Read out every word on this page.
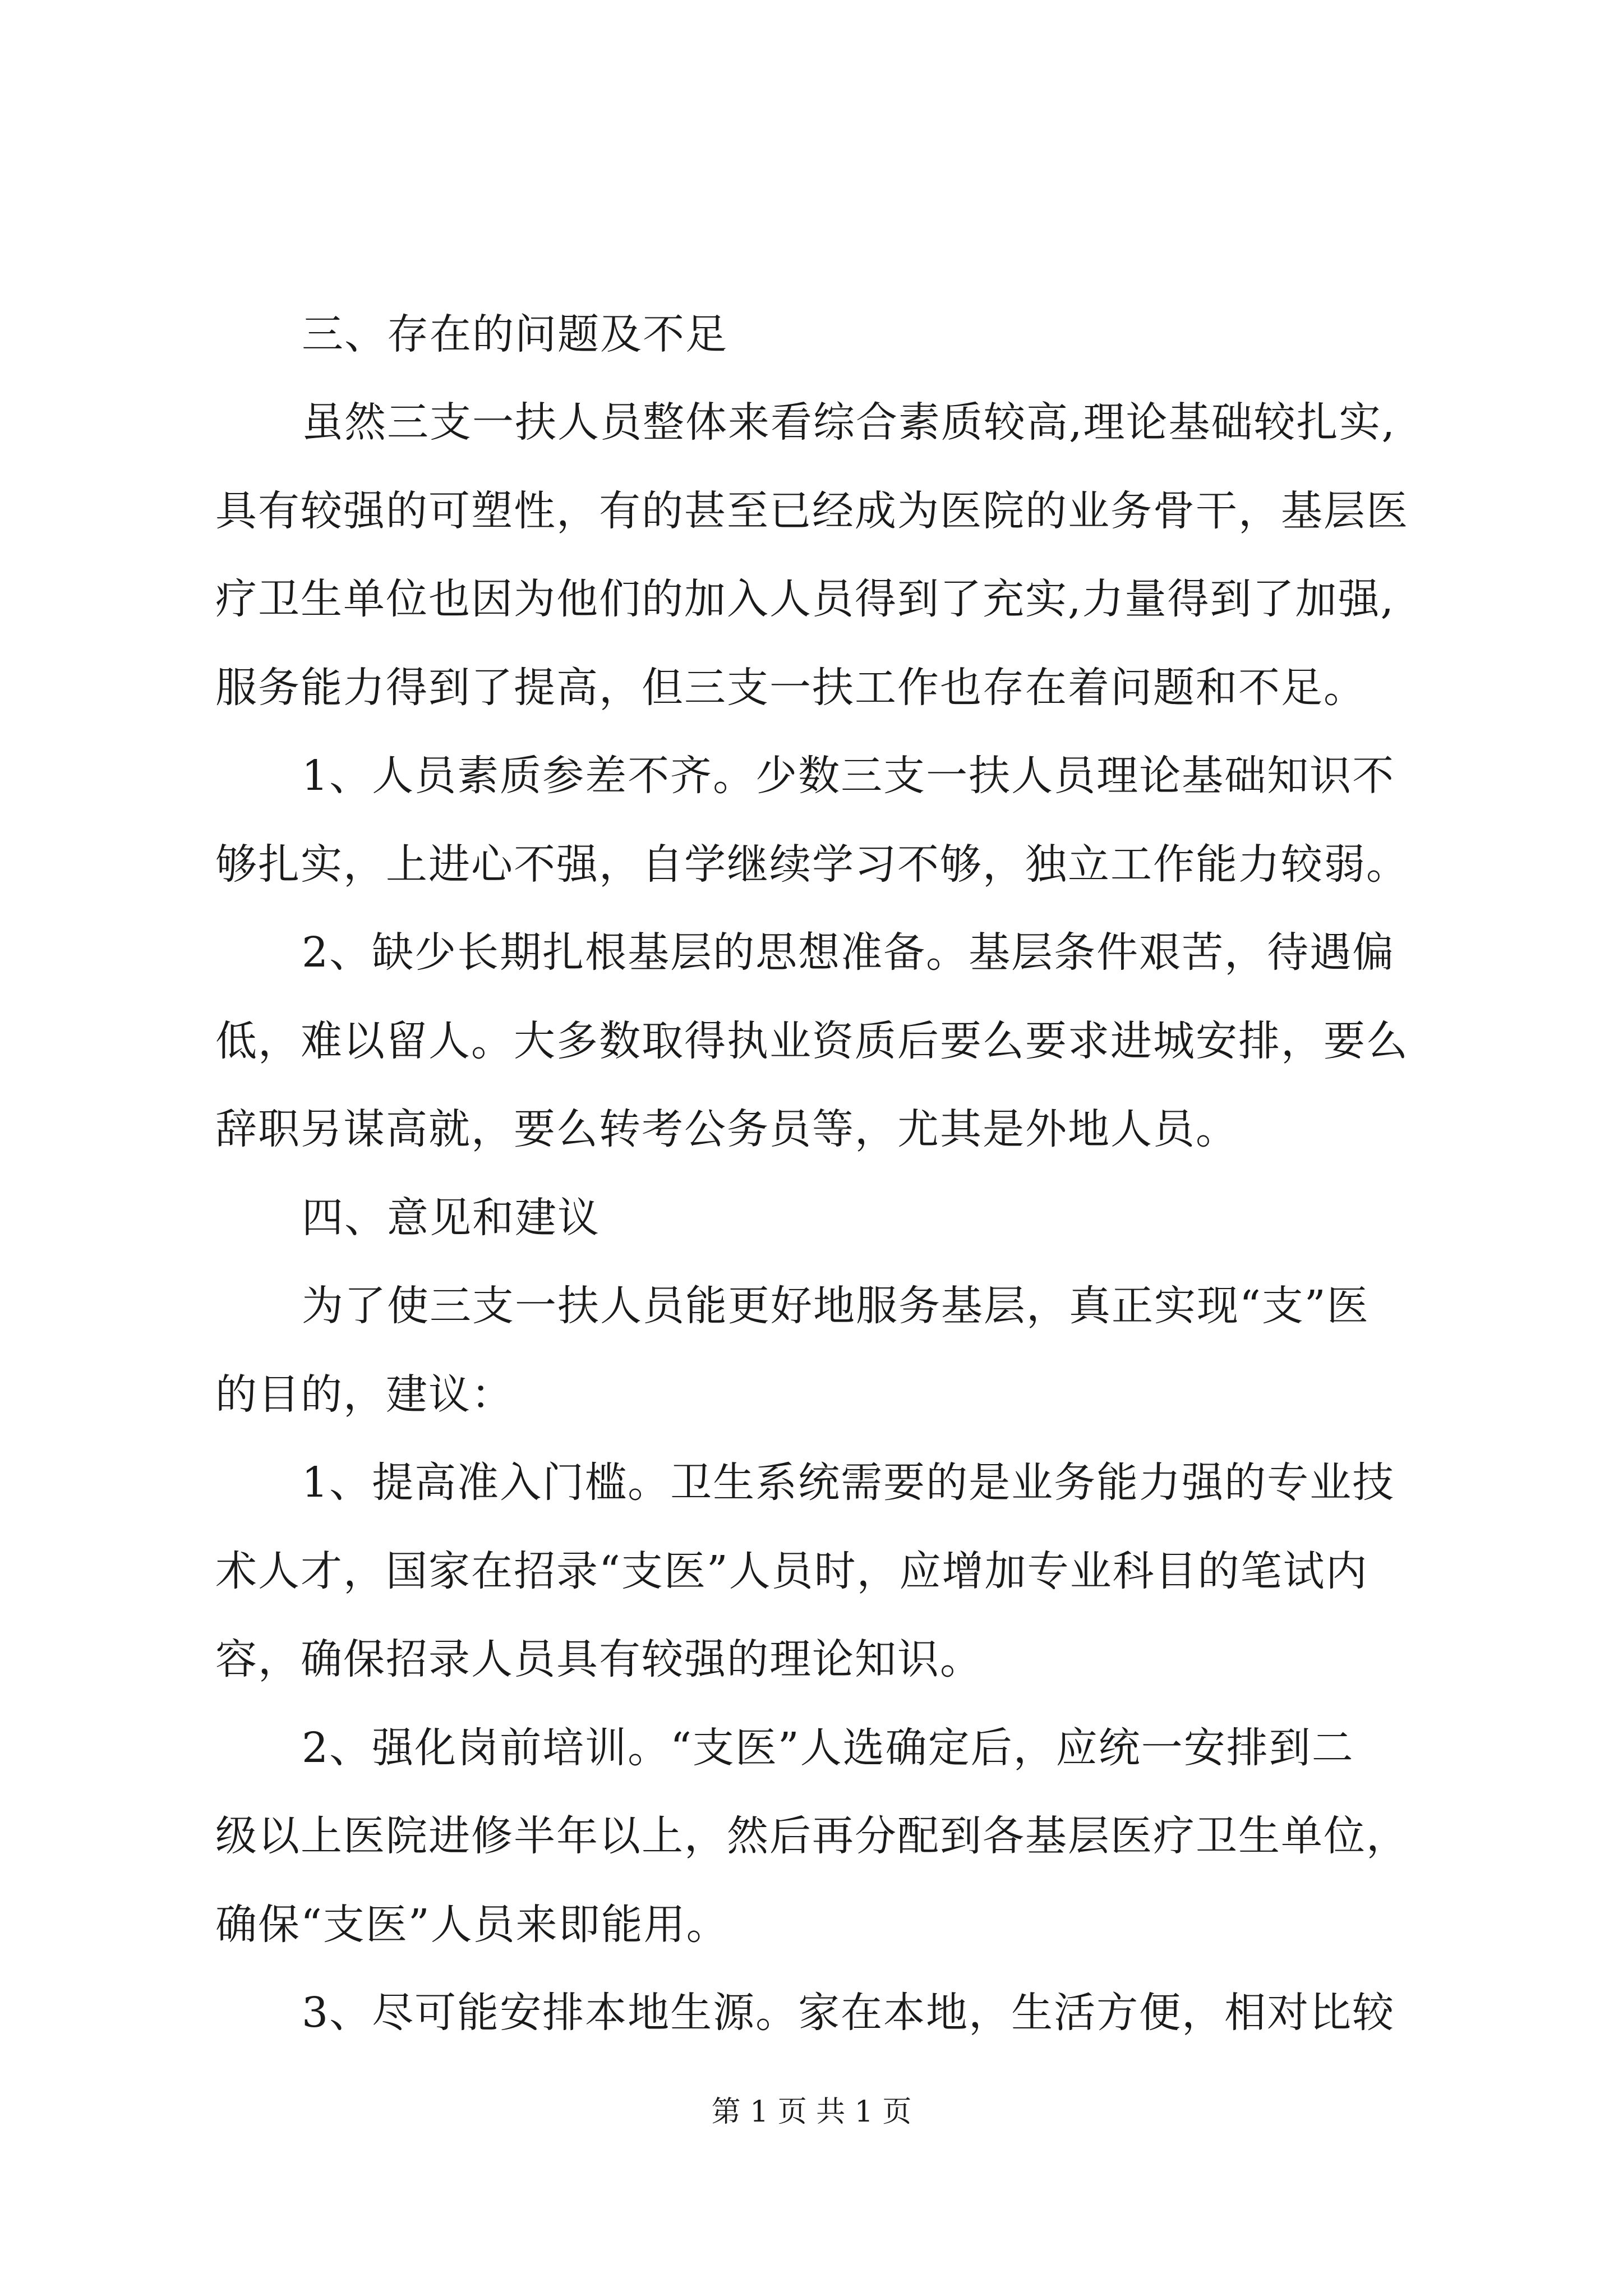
三、存在的问题及不足
虽然三支一扶人员整体来看综合素质较高,理论基础较扎实,
具有较强的可塑性，有的甚至已经成为医院的业务骨干，基层医
疗卫生单位也因为他们的加入人员得到了充实,力量得到了加强,
服务能力得到了提高，但三支一扶工作也存在着问题和不足。
1、人员素质参差不齐。少数三支一扶人员理论基础知识不
够扎实，上进心不强，自学继续学习不够，独立工作能力较弱。
2、缺少长期扎根基层的思想准备。基层条件艰苦，待遇偏
低，难以留人。大多数取得执业资质后要么要求进城安排，要么
辞职另谋高就，要么转考公务员等，尤其是外地人员。
四、意见和建议
为了使三支一扶人员能更好地服务基层，真正实现“支”医
的目的，建议：
1、提高准入门槛。卫生系统需要的是业务能力强的专业技
术人才，国家在招录“支医”人员时，应增加专业科目的笔试内
容，确保招录人员具有较强的理论知识。
2、强化岗前培训。“支医”人选确定后，应统一安排到二
级以上医院进修半年以上，然后再分配到各基层医疗卫生单位，
确保“支医”人员来即能用。
第 1 页 共 1 页
3、尽可能安排本地生源。家在本地，生活方便，相对比较
